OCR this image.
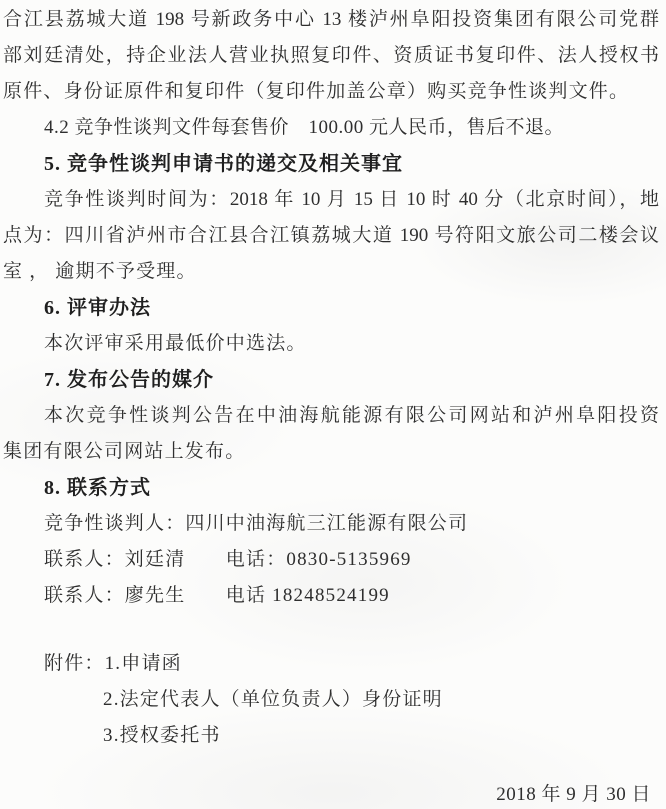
合江县荔城大道 198 号新政务中心 13 楼泸州阜阳投资集团有限公司党群
部刘廷清处，持企业法人营业执照复印件、资质证书复印件、法人授权书
原件、身份证原件和复印件（复印件加盖公章）购买竞争性谈判文件。
4.2 竞争性谈判文件每套售价　100.00 元人民币，售后不退。
5. 竞争性谈判申请书的递交及相关事宜
竞争性谈判时间为：2018 年 10 月 15 日 10 时 40 分（北京时间），地
点为：四川省泸州市合江县合江镇荔城大道 190 号符阳文旅公司二楼会议
室 ， 逾期不予受理。
6. 评审办法
本次评审采用最低价中选法。
7. 发布公告的媒介
本次竞争性谈判公告在中油海航能源有限公司网站和泸州阜阳投资
集团有限公司网站上发布。
8. 联系方式
竞争性谈判人：四川中油海航三江能源有限公司
联系人：刘廷清　　电话：0830-5135969
联系人：廖先生　　电话 18248524199
附件：1.申请函
2.法定代表人（单位负责人）身份证明
3.授权委托书
2018 年 9 月 30 日
